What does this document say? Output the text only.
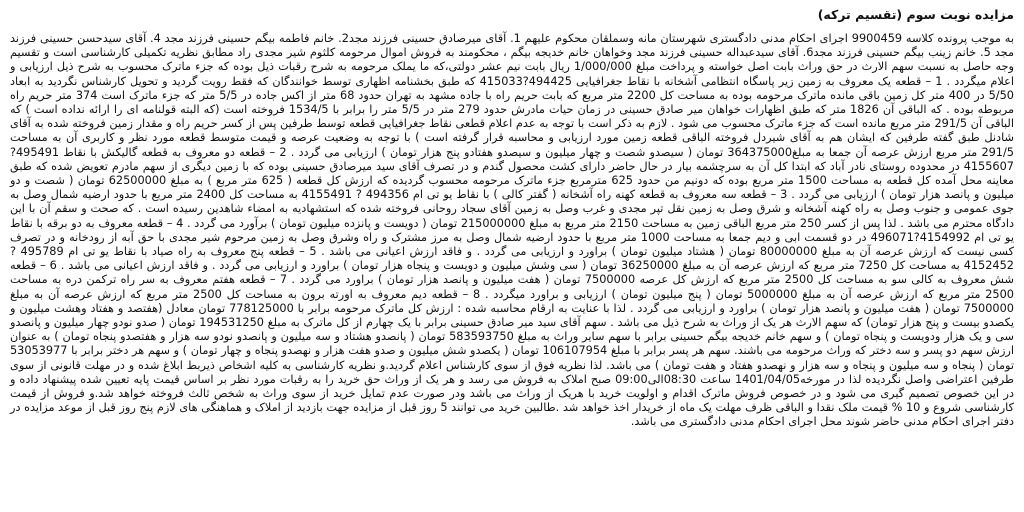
مزایده نوبت سوم (تقسیم ترکه)

به موجب پرونده کلاسه 9900459 اجرای احکام مدنی دادگستری شهرستان مانه وسملقان محکوم علیهم 1. آقای میرصادق حسینی فرزند مجد2. خانم فاطمه بیگم حسینی فرزند مجد 4. آقای سیدحسن حسینی فرزند مجد 5. خانم زینب بیگم حسینی فرزند مجد6. آقای سیدعبداله حسینی فرزند مجد وخواهان خانم خدیجه بیگم ، محکومند به فروش اموال مرحومه کلثوم شیر مجدی راد مطابق نظریه تکمیلی کارشناسی است و تقسیم وجه حاصل به نسبت سهم الارث در حق وراث بابت اصل خواسته و پرداخت مبلغ 1/000/000 ریال بابت نیم عشر دولتی،که ما یملک مرحومه به شرح رقبات ذیل بوده که جزء ماترک محسوب به شرح ذیل ارزیابی و اعلام میگردد . 1 – قطعه یک معروف به زمین زیر پاسگاه انتظامی آشخانه با نقاط جغرافیایی 494425?415033 که طبق بخشنامه اظهاری توسط خوانندگان که فقط رویت گردید و تحویل کارشناس نگردید به ابعاد 5/50 در 400 متر کل زمین باقی مانده ماترک مرحومه بوده به مساحت کل 2200 متر مربع که بابت حریم راه با جاده مشهد به تهران حدود 68 متر از اکس جاده در 5/5 متر که جزء ماترک است 374 متر حریم راه مربوطه بوده . که الباقی آن 1826 متر که طبق اظهارات خواهان میر صادق حسینی در زمان حیات مادرش حدود 279 متر در 5/5 متر را برابر با 1534/5 فروخته است (که البته قولنامه ای را ارائه نداده است ) که الباقی آن 291/5 متر مربع مانده است که جزء ماترک محسوب می شود . لازم به ذکر است با توجه به عدم اعلام قطعی نقاط جغرافیایی قطعه توسط طرفین پس از کسر حریم راه و مقدار زمین فروخته شده به آقای شادنل طبق گفته طرفین که ایشان هم به آقای شیردل فروخته الباقی قطعه زمین مورد ارزیابی و محاسبه قرار گرفته است ) با توجه به وضعیت عرصه و قیمت متوسط قطعه مورد نظر و کاربری آن به مساحت 291/5 متر مربع ارزش عرصه آن جمعا به مبلغ364375000 تومان ( سیصدو شصت و چهار میلیون و سیصدو هفتادو پنج هزار تومان ) ارزیابی می گردد . 2 – قطعه دو معروف به قطعه گالیکش با نقاط 495491?4155607 در محدوده روستای نادر آباد که ابتدا کل آن به سرچشمه بیار در حال حاضر دارای کشت محصول گندم و در تصرف آقای سید میرصادق حسینی بوده که با زمین دیگری از سهم مادرم تعویض شده که طبق معاینه محل آمده کل قطعه به مساحت 1500 متر مربع بوده که دونیم من حدود 625 مترمربع جزء ماترک مرحومه محسوب گردیده که ارزش کل قطعه ( 625 متر مربع ) به مبلغ 62500000 تومان ( شصت و دو میلیون و پانصد هزار تومان ) ارزیابی می گردد . 3 – قطعه سه معروف به قطعه کهنه راه آشخانه ( گفتر کالی ) با نقاط یو تی ام 494356 ? 4155491 به مساحت کل 2400 متر مربع با حدود ارضیه شمال وصل به جوی عمومی و جنوب وصل به راه کهنه آشخانه و شرق وصل به زمین نقل تپر مجدی و غرب وصل به زمین آقای سجاد روحانی فروخته شده که استشهادیه به امضاء شاهدین رسیده است . که صحت و سقم آن با این دادگاه محترم می باشد . لذا پس از کسر 250 متر مربع الباقی زمین به مساحت 2150 متر مربع به مبلغ 215000000 تومان ( دویست و پانزده میلیون تومان ) برآورد می گردد . 4 – قطعه معروف به دو برقه با نقاط یو تی ام 4154992?496071 در دو قسمت ابی و دیم جمعا به مساحت 1000 متر مربع با حدود ارضیه شمال وصل به مرز مشترک و راه وشرق وصل به زمین مرحوم شیر مجدی با حق آبه از رودخانه و در تصرف کسی نیست که ارزش عرصه آن به مبلغ 80000000 تومان ( هشتاد میلیون تومان ) براورد و ارزیابی می گردد . و فاقد ارزش اعیانی می باشد . 5 – قطعه پنج معروف به راه صیاد با نقاط یو تی ام 495789 ?4152452 به مساحت کل 7250 متر مربع که ارزش عرصه آن به مبلغ 36250000 تومان ( سی وشش میلیون و دویست و پنجاه هزار تومان ) براورد و ارزیابی می گردد . و فاقد ارزش اعیانی می باشد . 6 – قطعه شش معروف به کالی سو به مساحت کل 2500 متر مربع که ارزش کل عرصه 7500000 تومان ( هفت میلیون و پانصد هزار تومان ) براورد می گردد . 7 – قطعه هفتم معروف به سر راه ترکمن دره به مساحت 2500 متر مربع که ارزش عرصه آن به مبلغ 5000000 تومان ( پنج میلیون تومان ) ارزیابی و براورد میگردد . 8 – قطعه دیم معروف به اورته برون به مساحت کل 2500 متر مربع که ارزش عرصه آن به مبلغ 7500000 تومان ( هفت میلیون و پانصد هزار تومان ) براورد و ارزیابی می گردد . لذا با عنایت به ارقام محاسبه شده : ارزش کل ماترک مرحومه برابر با 778125000 تومان معادل (هفتصد و هفتاد وهشت میلیون و یکصدو بیست و پنج هزار تومان) که سهم الارث هر یک از وراث به شرح ذیل می باشد . سهم آقای سید میر صادق حسینی برابر با یک چهارم از کل ماترک به مبلغ 194531250 تومان ( صدو نودو چهار میلیون و پانصدو سی و یک هزار ودویست و پنجاه تومان ) و سهم خانم خدیجه بیگم حسینی برابر با سهم سایر وراث به مبلغ 583593750 تومان ( پانصدو هشتاد و سه میلیون و پانصدو نودو سه هزار و هفتصدو پنجاه تومان ) به عنوان ارزش سهم دو پسر و سه دختر که وراث مرحومه می باشند. سهم هر پسر برابر با مبلغ 106107954 تومان ( یکصدو شش میلیون و صدو هفت هزار و نهصدو پنجاه و چهار تومان ) و سهم هر دختر برابر با 53053977 تومان ( پنجاه و سه میلیون و پنجاه و سه هزار و نهصدو هفتاد و هفت تومان ) می باشد. لذا نظریه فوق از سوی کارشناس اعلام گردید.و نظریه کارشناسی به کلیه اشخاص ذیربط ابلاغ شده و در مهلت قانونی از سوی طرفین اعتراضی واصل نگردیده لذا در مورخه1401/04/05 ساعت 08:30الی09:00 صبح املاک به فروش می رسد و هر یک از وراث حق خرید را به رقبات مورد نظر بر اساس قیمت پایه تعیین شده پیشنهاد داده و در این خصوص تصمیم گیری می شود و در خصوص فروش ماترک اقدام و اولویت خرید با هریک از وراث می باشد ودر صورت عدم تمایل خرید از سوی وراث به شخص ثالث فروخته خواهد شد.و فروش از قیمت کارشناسی شروع و 10 % قیمت ملک نقدا و الباقی ظرف مهلت یک ماه از خریدار اخذ خواهد شد .طالبین خرید می توانند 5 روز قبل از مزایده جهت بازدید از املاک و هماهنگی های لازم پنج روز قبل از موعد مزایده در دفتر اجرای احکام مدنی حاضر شوند محل اجرای احکام مدنی دادگستری می باشد.
